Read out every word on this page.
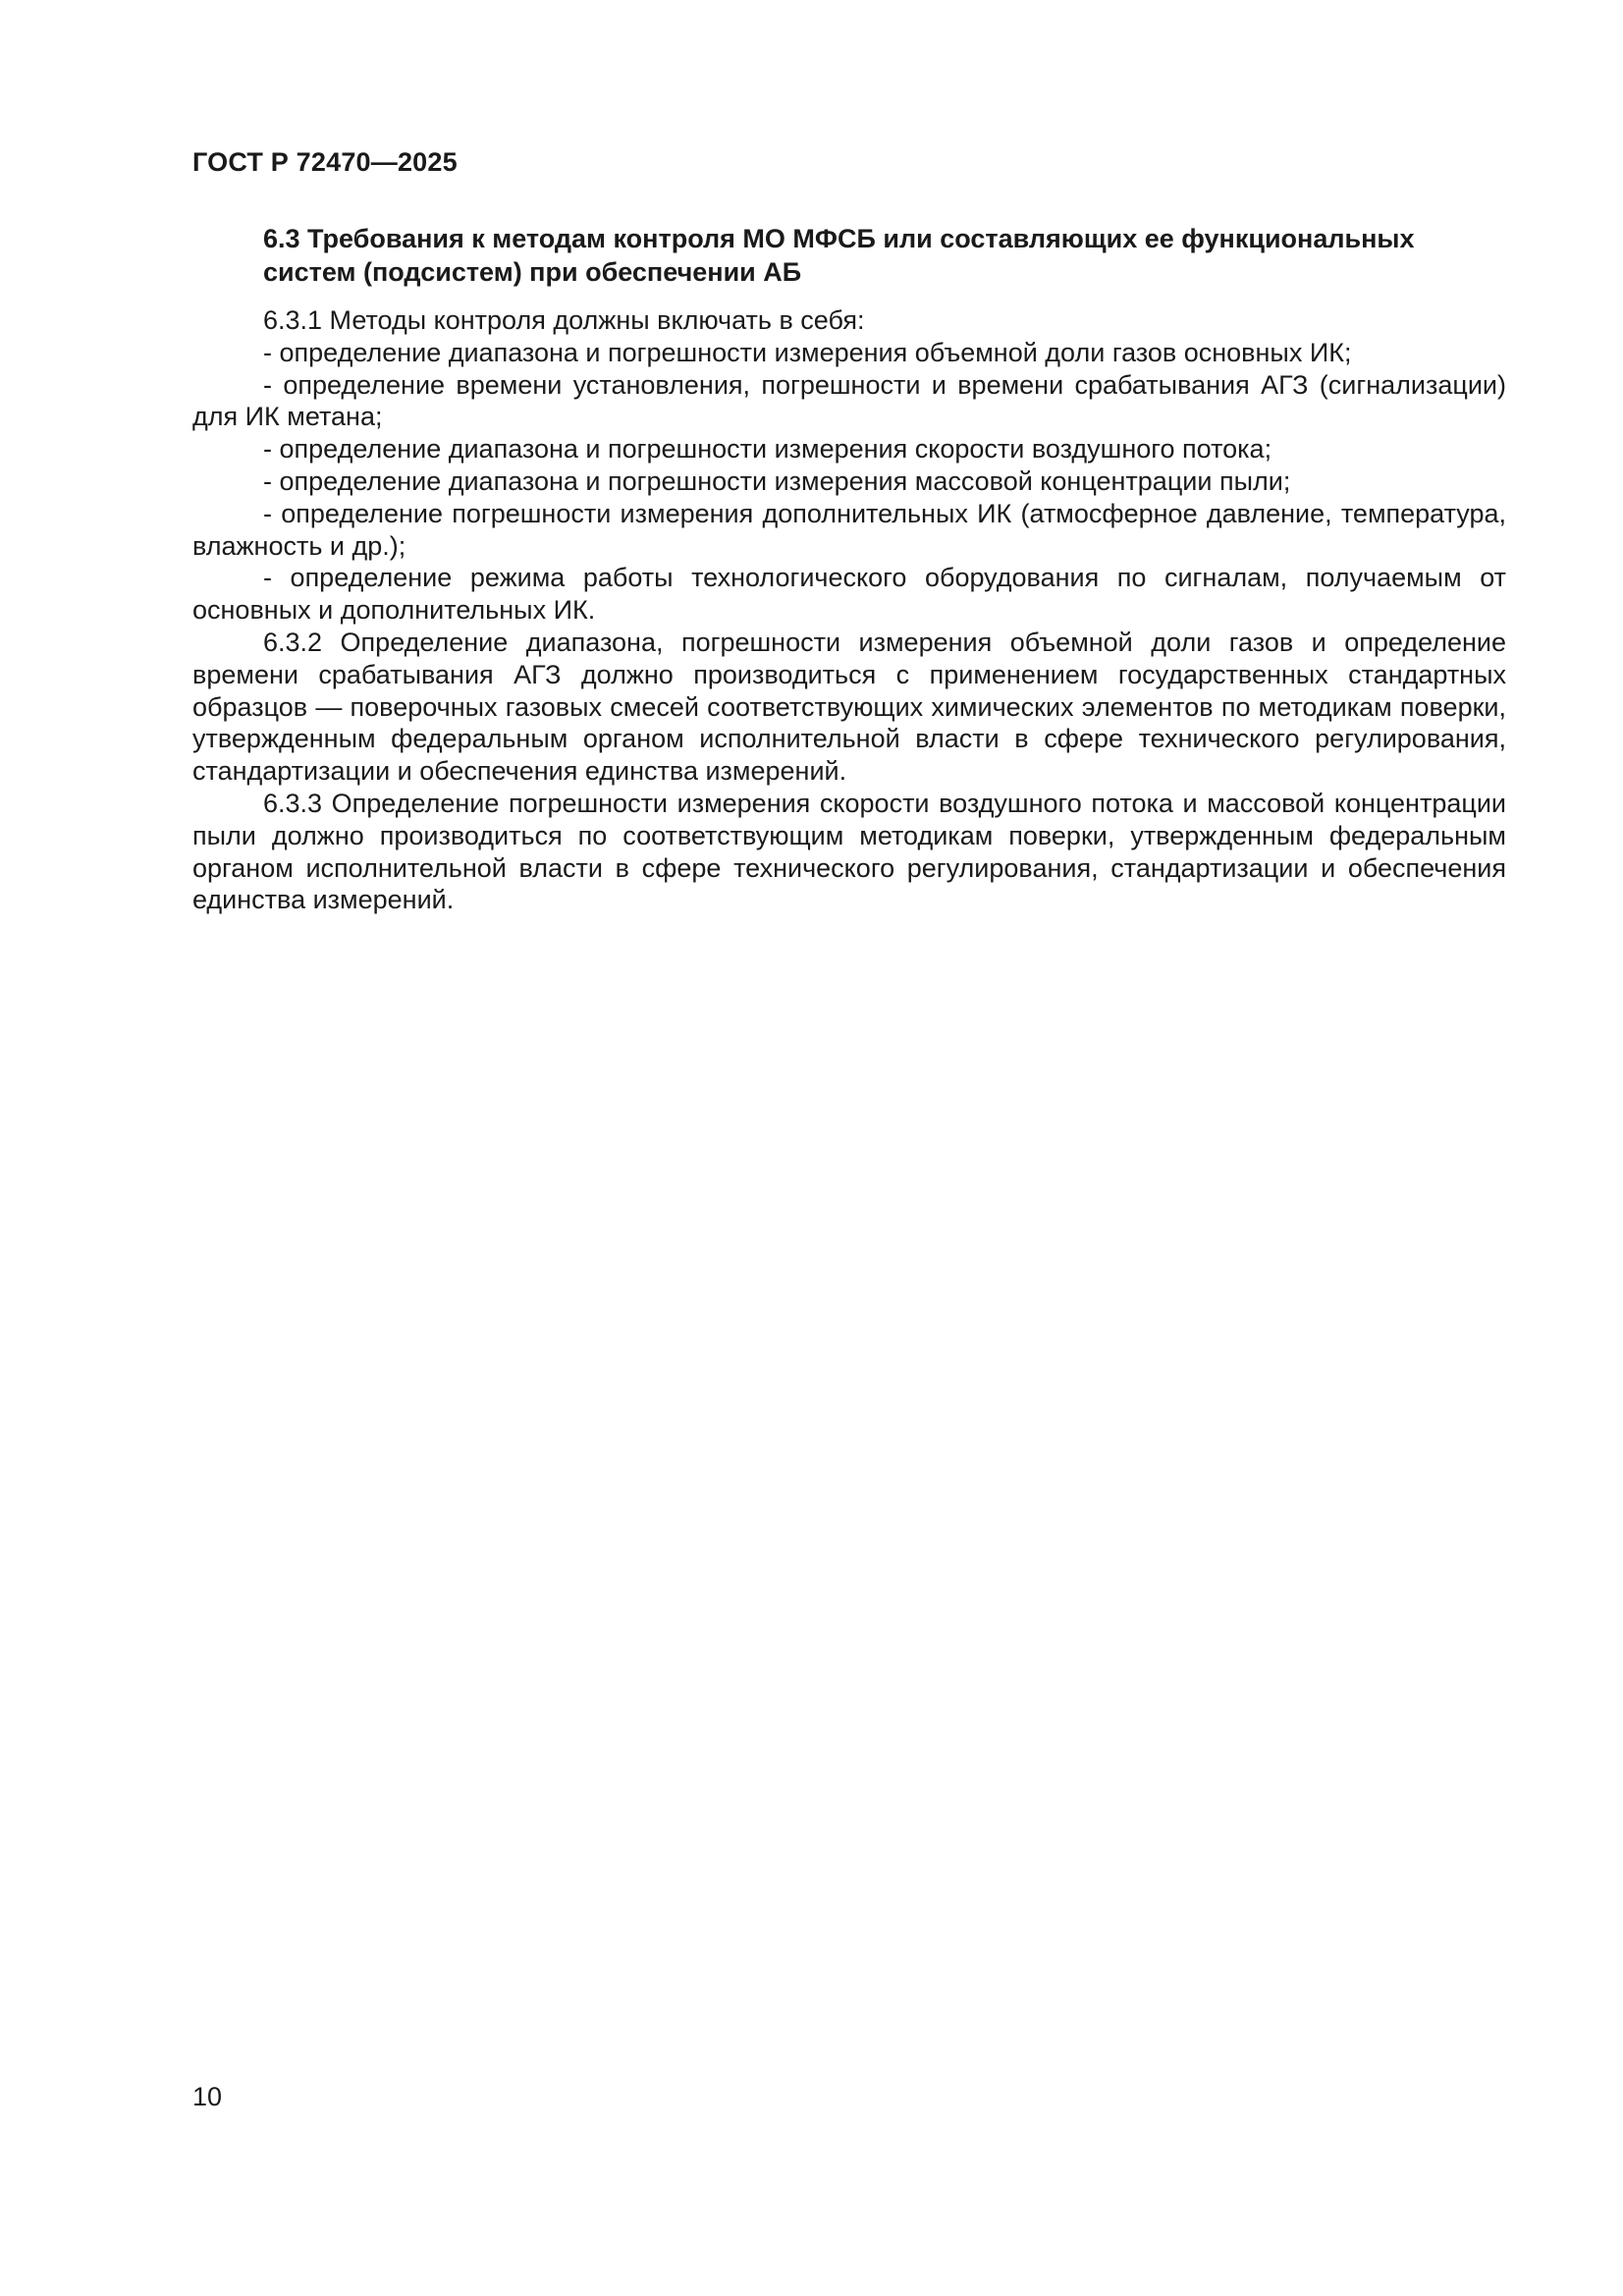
ГОСТ Р 72470—2025
6.3 Требования к методам контроля МО МФСБ или составляющих ее функциональных систем (подсистем) при обеспечении АБ

6.3.1 Методы контроля должны включать в себя:

- определение диапазона и погрешности измерения объемной доли газов основных ИК;

- определение времени установления, погрешности и времени срабатывания АГЗ (сигнализации) для ИК метана;

- определение диапазона и погрешности измерения скорости воздушного потока;

- определение диапазона и погрешности измерения массовой концентрации пыли;

- определение погрешности измерения дополнительных ИК (атмосферное давление, температура, влажность и др.);

- определение режима работы технологического оборудования по сигналам, получаемым от основных и дополнительных ИК.

6.3.2 Определение диапазона, погрешности измерения объемной доли газов и определение времени срабатывания АГЗ должно производиться с применением государственных стандартных образцов — поверочных газовых смесей соответствующих химических элементов по методикам поверки, утвержденным федеральным органом исполнительной власти в сфере технического регулирования, стандартизации и обеспечения единства измерений.

6.3.3 Определение погрешности измерения скорости воздушного потока и массовой концентрации пыли должно производиться по соответствующим методикам поверки, утвержденным федеральным органом исполнительной власти в сфере технического регулирования, стандартизации и обеспечения единства измерений.

10
